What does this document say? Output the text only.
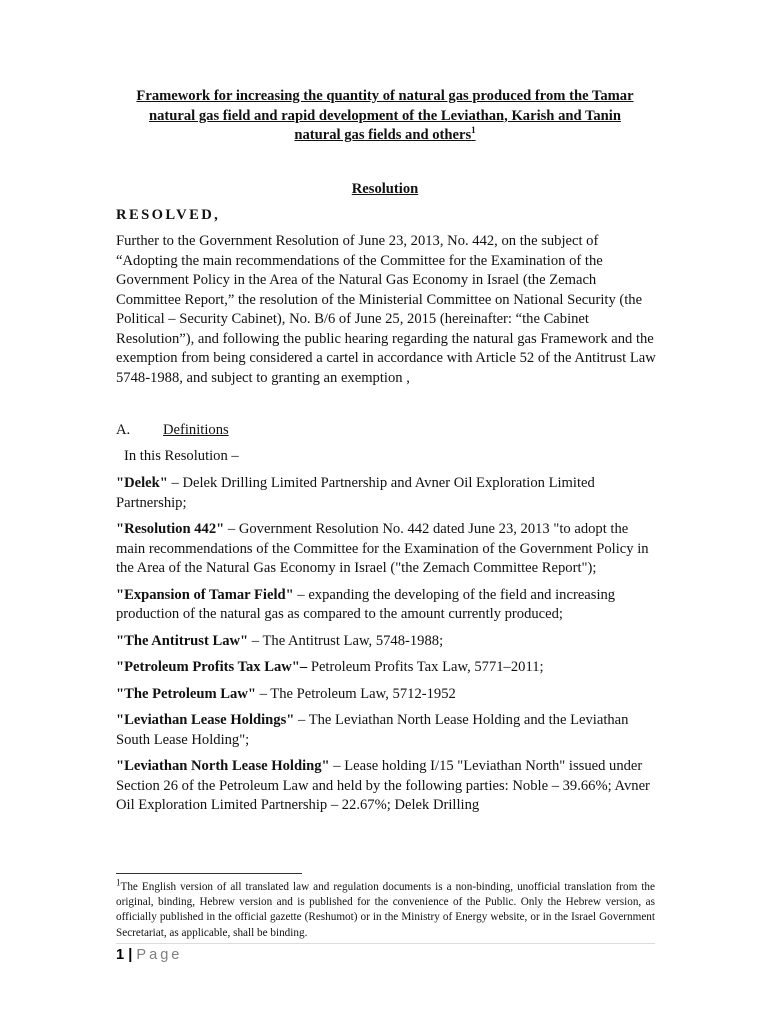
Framework for increasing the quantity of natural gas produced from the Tamar
natural gas field and rapid development of the Leviathan, Karish and Tanin
natural gas fields and others$^1$
Resolution
RESOLVED,
Further to the Government Resolution of June 23, 2013, No. 442, on the subject of “Adopting the main recommendations of the Committee for the Examination of the Government Policy in the Area of the Natural Gas Economy in Israel (the Zemach Committee Report,” the resolution of the Ministerial Committee on National Security (the Political – Security Cabinet), No. B/6 of June 25, 2015 (hereinafter: “the Cabinet Resolution”), and following the public hearing regarding the natural gas Framework and the exemption from being considered a cartel in accordance with Article 52 of the Antitrust Law 5748-1988, and subject to granting an exemption ,
A. Definitions
In this Resolution –

"Delek" – Delek Drilling Limited Partnership and Avner Oil Exploration Limited Partnership;

"Resolution 442" – Government Resolution No. 442 dated June 23, 2013 "to adopt the main recommendations of the Committee for the Examination of the Government Policy in the Area of the Natural Gas Economy in Israel ("the Zemach Committee Report");

"Expansion of Tamar Field" – expanding the developing of the field and increasing production of the natural gas as compared to the amount currently produced;

"The Antitrust Law" – The Antitrust Law, 5748-1988;

"Petroleum Profits Tax Law"– Petroleum Profits Tax Law, 5771–2011;

"The Petroleum Law" – The Petroleum Law, 5712-1952

"Leviathan Lease Holdings" – The Leviathan North Lease Holding and the Leviathan South Lease Holding";

"Leviathan North Lease Holding" – Lease holding I/15 "Leviathan North" issued under Section 26 of the Petroleum Law and held by the following parties: Noble – 39.66%; Avner Oil Exploration Limited Partnership – 22.67%; Delek Drilling

$^1$The English version of all translated law and regulation documents is a non-binding, unofficial translation from the original, binding, Hebrew version and is published for the convenience of the Public. Only the Hebrew version, as officially published in the official gazette (Reshumot) or in the Ministry of Energy website, or in the Israel Government Secretariat, as applicable, shall be binding.
1 | Page
